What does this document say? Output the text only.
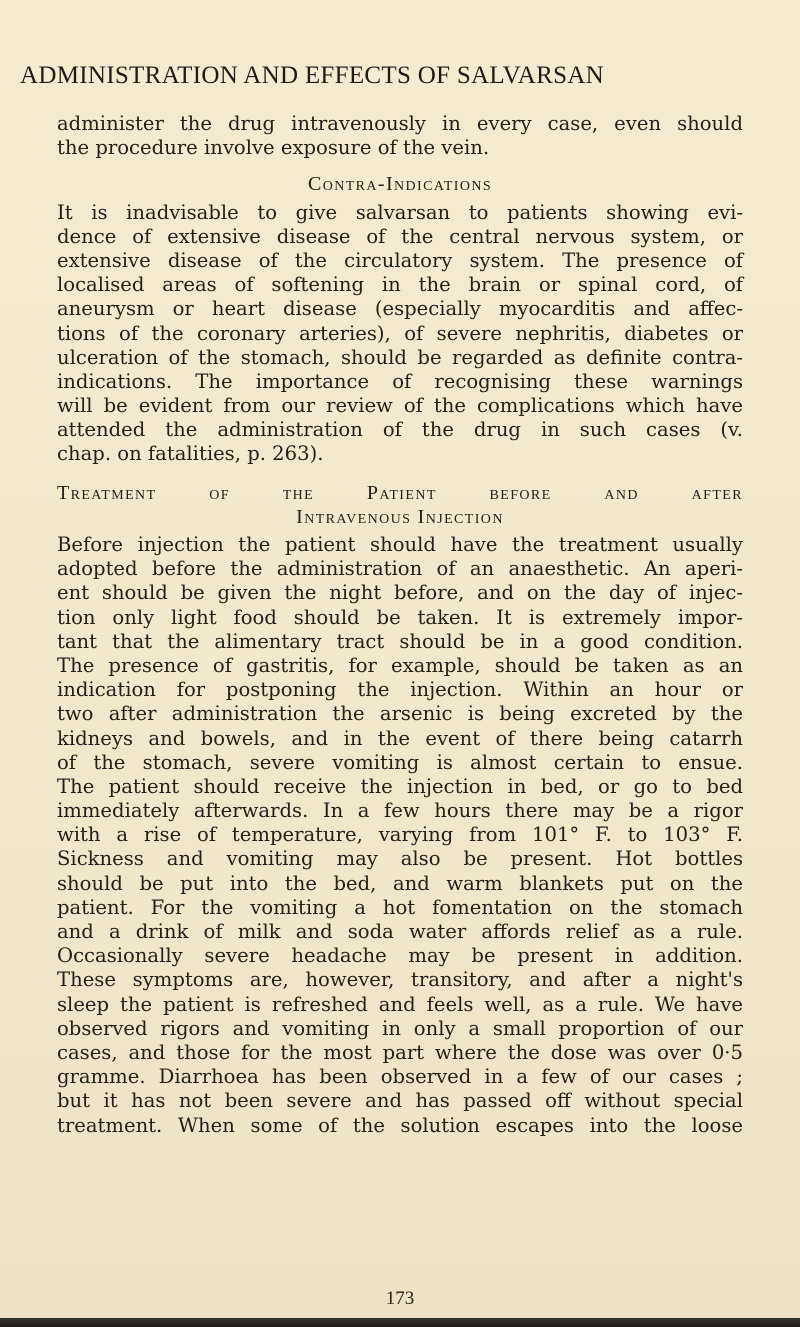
ADMINISTRATION AND EFFECTS OF SALVARSAN
administer the drug intravenously in every case, even should
the procedure involve exposure of the vein.
Contra-Indications
It is inadvisable to give salvarsan to patients showing evi-
dence of extensive disease of the central nervous system, or
extensive disease of the circulatory system. The presence of
localised areas of softening in the brain or spinal cord, of
aneurysm or heart disease (especially myocarditis and affec-
tions of the coronary arteries), of severe nephritis, diabetes or
ulceration of the stomach, should be regarded as definite contra-
indications. The importance of recognising these warnings
will be evident from our review of the complications which have
attended the administration of the drug in such cases (v.
chap. on fatalities, p. 263).
Treatment of the Patient before and after
Intravenous Injection
Before injection the patient should have the treatment usually
adopted before the administration of an anaesthetic. An aperi-
ent should be given the night before, and on the day of injec-
tion only light food should be taken. It is extremely impor-
tant that the alimentary tract should be in a good condition.
The presence of gastritis, for example, should be taken as an
indication for postponing the injection. Within an hour or
two after administration the arsenic is being excreted by the
kidneys and bowels, and in the event of there being catarrh
of the stomach, severe vomiting is almost certain to ensue.
The patient should receive the injection in bed, or go to bed
immediately afterwards. In a few hours there may be a rigor
with a rise of temperature, varying from 101° F. to 103° F.
Sickness and vomiting may also be present. Hot bottles
should be put into the bed, and warm blankets put on the
patient. For the vomiting a hot fomentation on the stomach
and a drink of milk and soda water affords relief as a rule.
Occasionally severe headache may be present in addition.
These symptoms are, however, transitory, and after a night's
sleep the patient is refreshed and feels well, as a rule. We have
observed rigors and vomiting in only a small proportion of our
cases, and those for the most part where the dose was over 0·5
gramme. Diarrhoea has been observed in a few of our cases ;
but it has not been severe and has passed off without special
treatment. When some of the solution escapes into the loose
173
